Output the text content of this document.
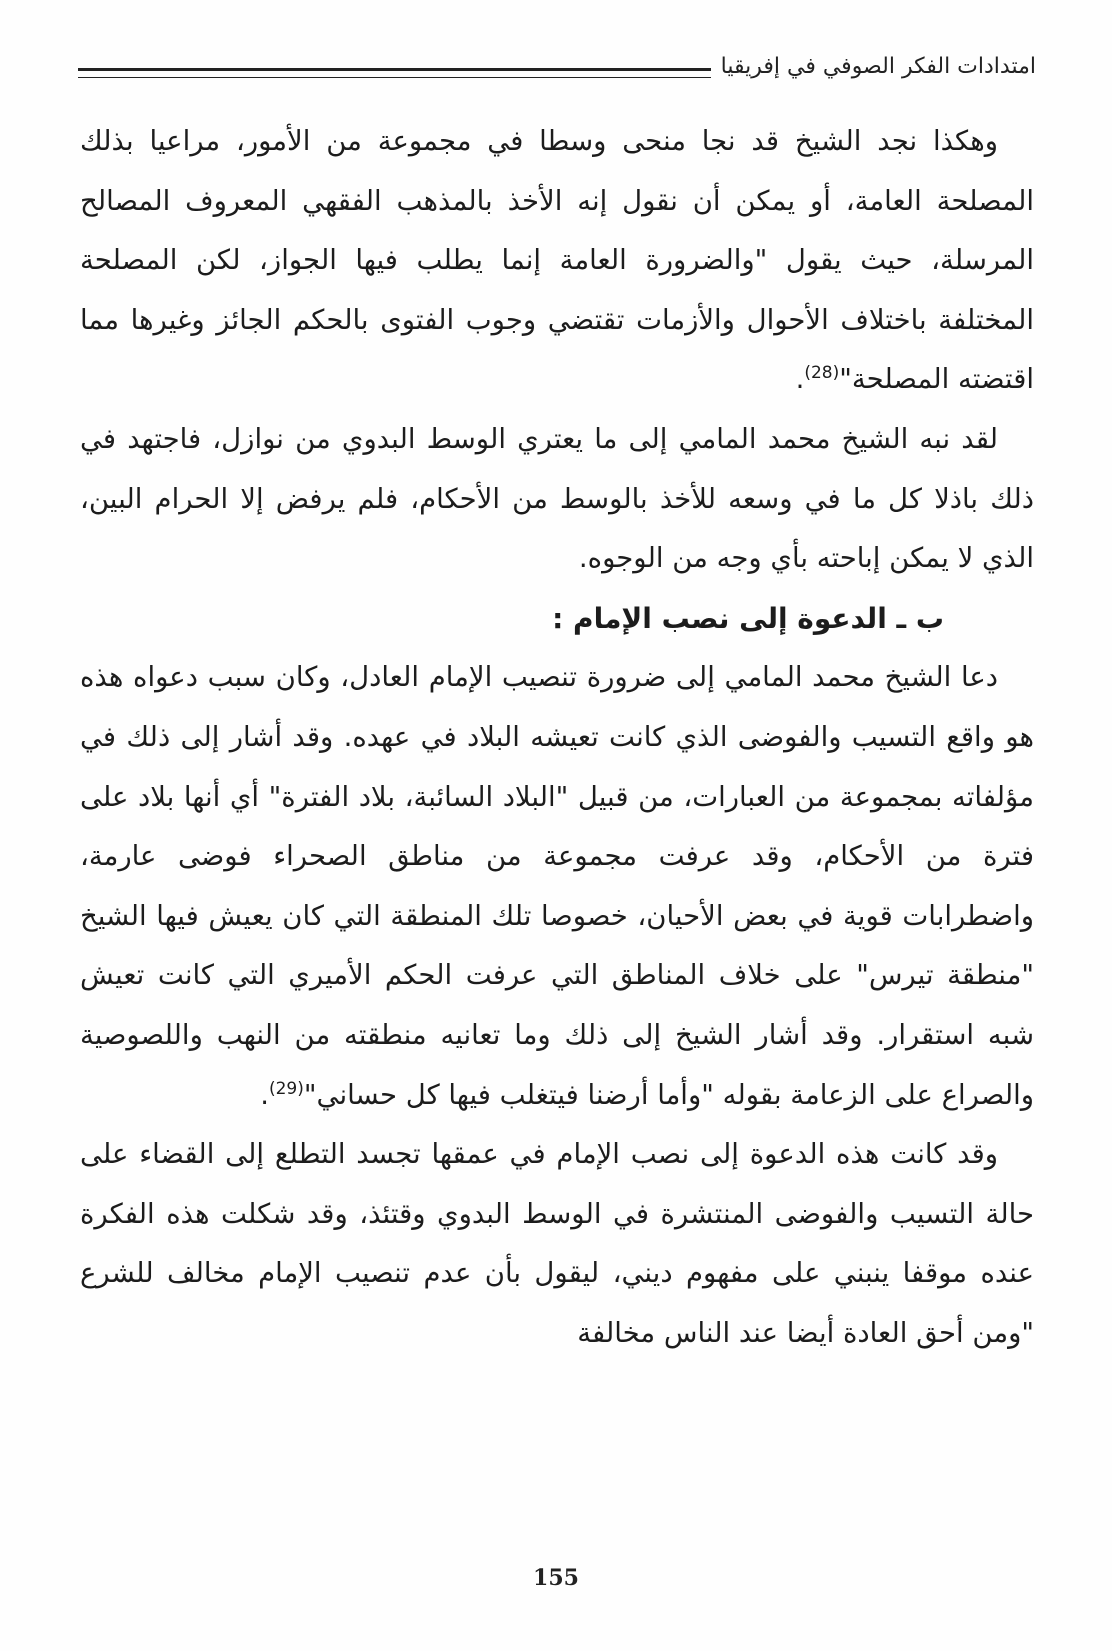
امتدادات الفكر الصوفي في إفريقيا

وهكذا نجد الشيخ قد نجا منحى وسطا في مجموعة من الأمور، مراعيا بذلك المصلحة العامة، أو يمكن أن نقول إنه الأخذ بالمذهب الفقهي المعروف المصالح المرسلة، حيث يقول "والضرورة العامة إنما يطلب فيها الجواز، لكن المصلحة المختلفة باختلاف الأحوال والأزمات تقتضي وجوب الفتوى بالحكم الجائز وغيرها مما اقتضته المصلحة"$^{(28)}$.

لقد نبه الشيخ محمد المامي إلى ما يعتري الوسط البدوي من نوازل، فاجتهد في ذلك باذلا كل ما في وسعه للأخذ بالوسط من الأحكام، فلم يرفض إلا الحرام البين، الذي لا يمكن إباحته بأي وجه من الوجوه.

ب ـ الدعوة إلى نصب الإمام :

دعا الشيخ محمد المامي إلى ضرورة تنصيب الإمام العادل، وكان سبب دعواه هذه هو واقع التسيب والفوضى الذي كانت تعيشه البلاد في عهده. وقد أشار إلى ذلك في مؤلفاته بمجموعة من العبارات، من قبيل "البلاد السائبة، بلاد الفترة" أي أنها بلاد على فترة من الأحكام، وقد عرفت مجموعة من مناطق الصحراء فوضى عارمة، واضطرابات قوية في بعض الأحيان، خصوصا تلك المنطقة التي كان يعيش فيها الشيخ "منطقة تيرس" على خلاف المناطق التي عرفت الحكم الأميري التي كانت تعيش شبه استقرار. وقد أشار الشيخ إلى ذلك وما تعانيه منطقته من النهب واللصوصية والصراع على الزعامة بقوله "وأما أرضنا فيتغلب فيها كل حساني"$^{(29)}$.

وقد كانت هذه الدعوة إلى نصب الإمام في عمقها تجسد التطلع إلى القضاء على حالة التسيب والفوضى المنتشرة في الوسط البدوي وقتئذ، وقد شكلت هذه الفكرة عنده موقفا ينبني على مفهوم ديني، ليقول بأن عدم تنصيب الإمام مخالف للشرع "ومن أحق العادة أيضا عند الناس مخالفة

155
